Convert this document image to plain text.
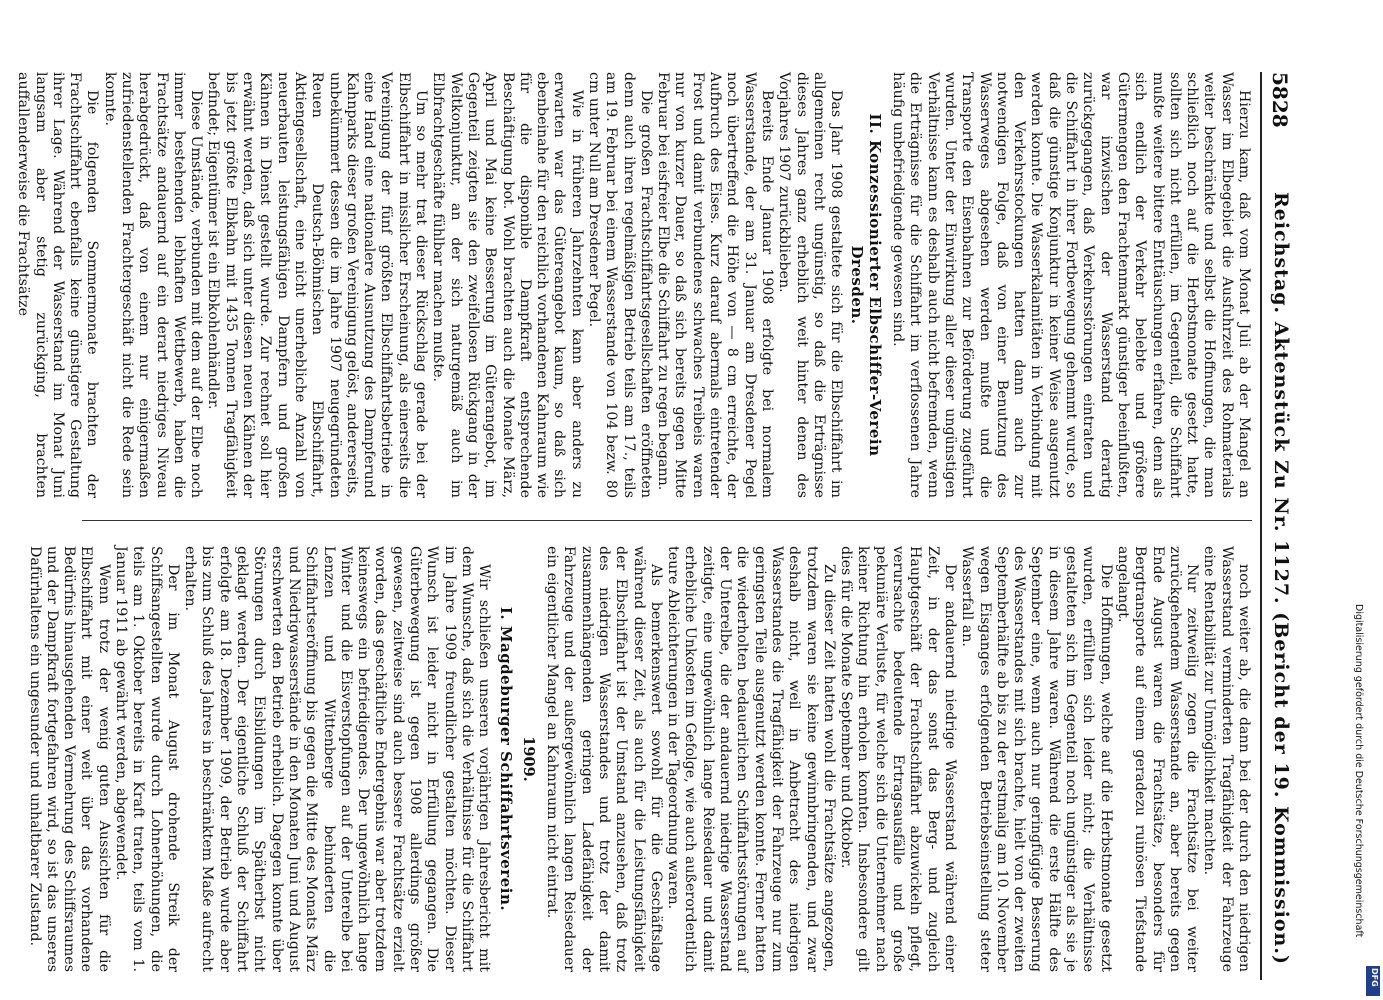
5828
Reichstag. Aktenstück Zu Nr. 1127. (Bericht der 19. Kommission.)

Hierzu kam, daß vom Monat Juli ab der Mangel an Wasser im Elbegebiet die Ausfuhrzeit des Rohmaterials weiter beschränkte und selbst die Hoffnungen, die man schließlich noch auf die Herbstmonate gesetzt hatte, sollten sich nicht erfüllen, im Gegenteil, die Schiffahrt mußte weitere bittere Enttäuschungen erfahren, denn als sich endlich der Verkehr belebte und größere Gütermengen den Frachtenmarkt günstiger beeinflußten, war inzwischen der Wasserstand derartig zurückgegangen, daß Verkehrsstörungen eintraten und die Schiffahrt in ihrer Fortbewegung gehemmt wurde, so daß die günstige Konjunktur in keiner Weise ausgenutzt werden konnte. Die Wasserkalamitäten in Verbindung mit den Verkehrsstockungen hatten dann auch zur notwendigen Folge, daß von einer Benutzung des Wasserweges abgesehen werden mußte und die Transporte den Eisenbahnen zur Beförderung zugeführt wurden. Unter der Einwirkung aller dieser ungünstigen Verhältnisse kann es deshalb auch nicht befremden, wenn die Erträgnisse für die Schiffahrt im verflossenen Jahre häufig unbefriedigende gewesen sind.

II. Konzessionierter Elbschiffer-Verein Dresden.

Das Jahr 1908 gestaltete sich für die Elbschiffahrt im allgemeinen recht ungünstig, so daß die Erträgnisse dieses Jahres ganz erheblich weit hinter denen des Vorjahres 1907 zurückblieben.

Bereits Ende Januar 1908 erfolgte bei normalem Wasserstande, der am 31. Januar am Dresdener Pegel noch übertreffend die Höhe von — 8 cm erreichte, der Aufbruch des Eises. Kurz darauf abermals eintretender Frost und damit verbundenes schwaches Treibeis waren nur von kurzer Dauer, so daß sich bereits gegen Mitte Februar bei eisfreier Elbe die Schiffahrt zu regen begann.

Die großen Frachtschiffahrtsgesellschaften eröffneten denn auch ihren regelmäßigen Betrieb teils am 17., teils am 19. Februar bei einem Wasserstande von 104 bezw. 80 cm unter Null am Dresdener Pegel.

Wie in früheren Jahrzehnten kann aber anders zu erwarten war das Gütereangebot kaum, so daß sich ebenbeinahe für den reichlich vorhandenen Kahnraum wie für die disponible Dampfkraft entsprechende Beschäftigung bot. Wohl brachten auch die Monate März, April und Mai keine Besserung im Güterangebot, im Gegenteil zeigten sie den zweifellosen Rückgang in der Weltkonjunktur, an der sich naturgemäß auch im Elbfrachtgeschäfte fühlbar machen mußte.

Um so mehr trat dieser Rückschlag gerade bei der Elbschiffahrt in misslicher Erscheinung, als einerseits die Vereinigung der fünf größten Elbschiffahrtsbetriebe in eine Hand eine nationalere Ausnutzung des Dampferund Kahnparks dieser großen Vereinigung gelöst, andererseits, unbekümmert dessen die im Jahre 1907 neugegründeten Reuen Deutsch-Böhmischen Elbschiffahrt, Aktiengesellschaft, eine nicht unerhebliche Anzahl von neuerbauten leistungsfähigen Dampfern und großen Kähnen in Dienst gestellt wurde. Zur rechnet soll hier erwähnt werden, daß sich unter diesen neuen Kähnen der bis jetzt größte Elbkahn mit 1435 Tonnen Tragfähigkeit befindet; Eigentümer ist ein Elbkohlenhändler.

Diese Umstände, verbunden mit dem auf der Elbe noch immer bestehenden lebhaften Wettbewerb, haben die Frachtsätze andauernd auf ein derart niedriges Niveau herabgedrückt, daß von einem nur einigermaßen zufriedenstellenden Frachtergeschäft nicht die Rede sein konnte.

Die folgenden Sommermonate brachten der Frachtschiffahrt ebenfalls keine günstigere Gestaltung ihrer Lage. Während der Wasserstand im Monat Juni langsam aber stetig zurückging, brachten auffallenderweise die Frachtsätze

noch weiter ab, die dann bei der durch den niedrigen Wasserstand verminderten Tragfähigkeit der Fahrzeuge eine Rentabilität zur Unmöglichkeit machten.

Nur zeitweilig zogen die Frachtsätze bei weiter zurückgehendem Wasserstande an, aber bereits gegen Ende August waren die Frachtsätze, besonders für Bergtransporte auf einem geradezu ruinösen Tiefstande angelangt.

Die Hoffnungen, welche auf die Herbstmonate gesetzt wurden, erfüllten sich leider nicht; die Verhältnisse gestalteten sich im Gegenteil noch ungünstiger als sie je in diesem Jahre waren. Während die erste Hälfte des September eine, wenn auch nur geringfügige Besserung des Wasserstandes mit sich brachte, hielt von der zweiten Septemberhälfte ab bis zu der erstmalig am 10. November wegen Eisganges erfolgenden Betriebseinstellung steter Wasserfall an.

Der andauernd niedrige Wasserstand während einer Zeit, in der das sonst das Berg- und zugleich Hauptgeschäft der Frachtschiffahrt abzuwickeln pflegt, verursachte bedeutende Ertragsausfälle und große pekuniäre Verluste, für welche sich die Unternehmer nach keiner Richtung hin erholen konnten. Insbesondere gilt dies für die Monate September und Oktober.

Zu dieser Zeit hatten wohl die Frachtsätze angezogen, trotzdem waren sie keine gewinnbringenden, und zwar deshalb nicht, weil in Anbetracht des niedrigen Wasserstandes die Tragfähigkeit der Fahrzeuge nur zum geringsten Teile ausgenutzt werden konnte. Ferner hatten die wiederholten bedauerlichen Schiffahrtsstörungen auf der Unterelbe, die der andauernd niedrige Wasserstand zeitigte, eine ungewöhnlich lange Reisedauer und damit erhebliche Unkosten im Gefolge, wie auch außerordentlich teure Ableichterungen in der Tageordnung waren.

Als bemerkenswert sowohl für die Geschäftslage während dieser Zeit, als auch für die Leistungsfähigkeit der Elbschiffahrt ist der Umstand anzusehen, daß trotz des niedrigen Wasserstandes und trotz der damit zusammenhängenden geringen Ladefähigkeit der Fahrzeuge und der außergewöhnlich langen Reisedauer ein eigentlicher Mangel an Kahnraum nicht eintrat.

1909.
I. Magdeburger Schiffahrtsverein.

Wir schließen unseren vorjährigen Jahresbericht mit dem Wunsche, daß sich die Verhältnisse für die Schiffahrt im Jahre 1909 freundlicher gestalten möchten. Dieser Wunsch ist leider nicht in Erfüllung gegangen. Die Güterbewegung ist gegen 1908 allerdings größer gewesen, zeitweise sind auch bessere Frachtsätze erzielt worden, das geschäftliche Endergebnis war aber trotzdem keineswegs ein befriedigendes. Der ungewöhnlich lange Winter und die Eisverstopfungen auf der Unterelbe bei Lenzen und Wittenberge behinderten die Schiffahrtseröffnung bis gegen die Mitte des Monats März und Niedrigwasserstände in den Monaten Juni und August erschwerten den Betrieb erheblich. Dagegen konnte über Störungen durch Eisbildungen im Spätherbst nicht geklagt werden. Der eigentliche Schluß der Schiffahrt erfolgte am 18. Dezember 1909, der Betrieb wurde aber bis zum Schluß des Jahres in beschränktem Maße aufrecht erhalten.

Der im Monat August drohende Streik der Schiffsangestellten wurde durch Lohnerhöhungen, die teils am 1. Oktober bereits in Kraft traten, teils vom 1. Januar 1911 ab gewährt werden, abgewendet.

Wenn trotz der wenig guten Aussichten für die Elbschiffahrt mit einer weit über das vorhandene Bedürfnis hinausgehenden Vermehrung des Schiffsraumes und der Dampfkraft fortgefahren wird, so ist das unseres Dafürhaltens ein ungesunder und unhaltbarer Zustand.	Digitalisierung gefördert durch die Deutsche Forschungsgemeinschaft
DFG
